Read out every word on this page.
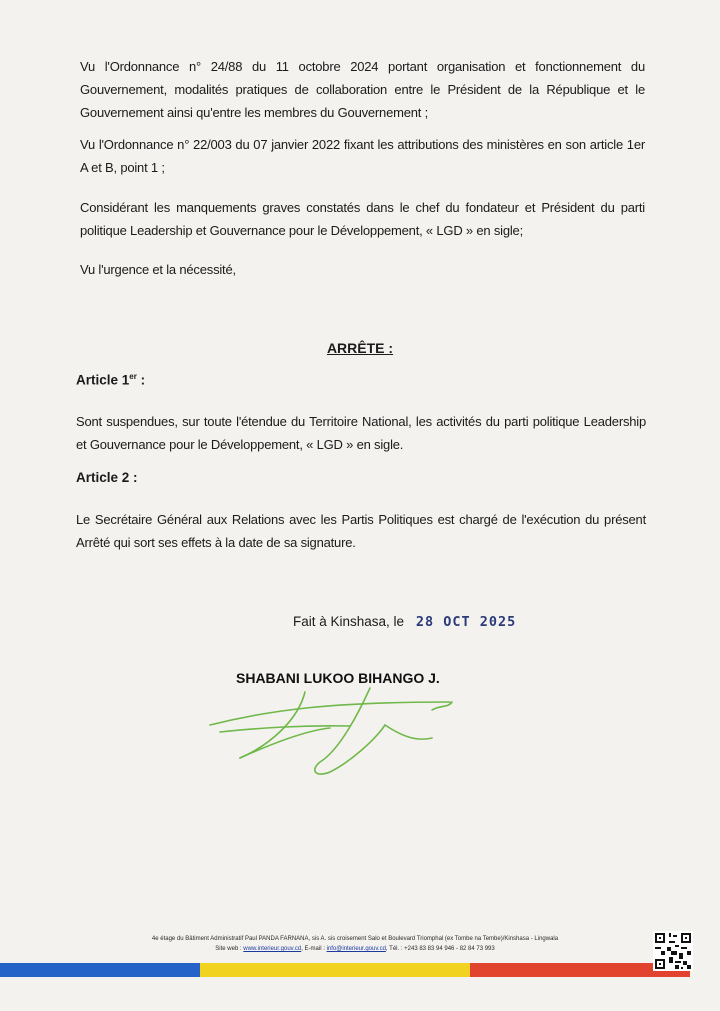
Vu l'Ordonnance n° 24/88 du 11 octobre 2024 portant organisation et fonctionnement du Gouvernement, modalités pratiques de collaboration entre le Président de la République et le Gouvernement ainsi qu'entre les membres du Gouvernement ;
Vu l'Ordonnance n° 22/003 du 07 janvier 2022 fixant les attributions des ministères en son article 1er A et B, point 1 ;
Considérant les manquements graves constatés dans le chef du fondateur et Président du parti politique Leadership et Gouvernance pour le Développement, « LGD » en sigle;
Vu l'urgence et la nécessité,
ARRÊTE :
Article 1er :
Sont suspendues, sur toute l'étendue du Territoire National, les activités du parti politique Leadership et Gouvernance pour le Développement, « LGD » en sigle.
Article 2 :
Le Secrétaire Général aux Relations avec les Partis Politiques est chargé de l'exécution du présent Arrêté qui sort ses effets à la date de sa signature.
Fait à Kinshasa, le 28 OCT 2025
SHABANI LUKOO BIHANGO J.
4e étage du Bâtiment Administratif Paul PANDA FARNANA, sis A. sis croisement Salo et Boulevard Triomphal (ex Tombe na Tembe)/Kinshasa - Lingwala
Site web : www.interieur.gouv.cd, E-mail : info@interieur.gouv.cd, Tél. : +243 83 83 94 946 - 82 84 73 993
